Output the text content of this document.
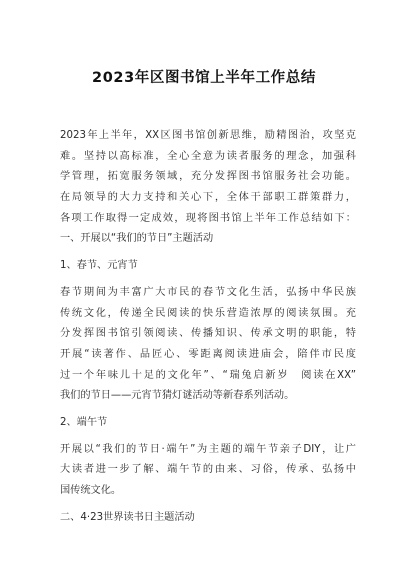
2023年区图书馆上半年工作总结
2023年上半年，XX区图书馆创新思维，励精图治，攻坚克
难。坚持以高标准，全心全意为读者服务的理念，加强科
学管理，拓宽服务领域，充分发挥图书馆服务社会功能。
在局领导的大力支持和关心下，全体干部职工群策群力，
各项工作取得一定成效，现将图书馆上半年工作总结如下：
一、开展以“我们的节日”主题活动
1、春节、元宵节
春节期间为丰富广大市民的春节文化生活，弘扬中华民族
传统文化，传递全民阅读的快乐营造浓厚的阅读氛围。充
分发挥图书馆引领阅读、传播知识、传承文明的职能，特
开展“读著作、品匠心、零距离阅读进庙会，陪伴市民度
过一个年味儿十足的文化年”、“瑞兔启新岁　阅读在XX”
我们的节日——元宵节猜灯谜活动等新春系列活动。
2、端午节
开展以“我们的节日·端午”为主题的端午节亲子DIY，让广
大读者进一步了解、端午节的由来、习俗，传承、弘扬中
国传统文化。
二、4·23世界读书日主题活动
